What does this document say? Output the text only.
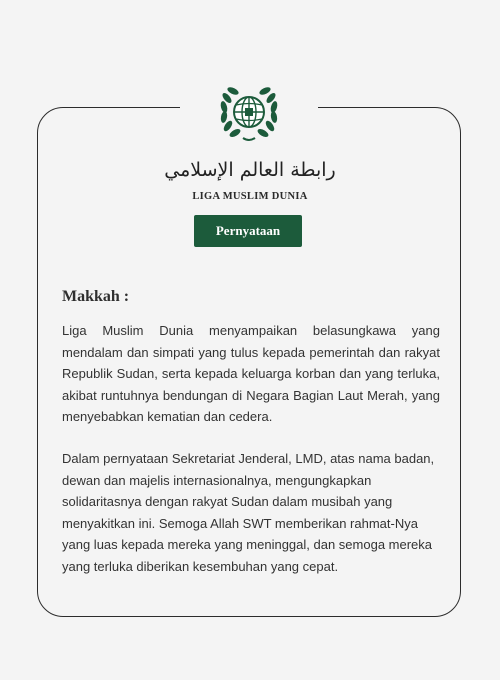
رابطة العالم الإسلامي
LIGA MUSLIM DUNIA
Pernyataan
Makkah :

Liga Muslim Dunia menyampaikan belasungkawa yang mendalam dan simpati yang tulus kepada pemerintah dan rakyat Republik Sudan, serta kepada keluarga korban dan yang terluka, akibat runtuhnya bendungan di Negara Bagian Laut Merah, yang menyebabkan kematian dan cedera.

Dalam pernyataan Sekretariat Jenderal, LMD, atas nama badan, dewan dan majelis internasionalnya, mengungkapkan solidaritasnya dengan rakyat Sudan dalam musibah yang menyakitkan ini. Semoga Allah SWT memberikan rahmat-Nya yang luas kepada mereka yang meninggal, dan semoga mereka yang terluka diberikan kesembuhan yang cepat.
